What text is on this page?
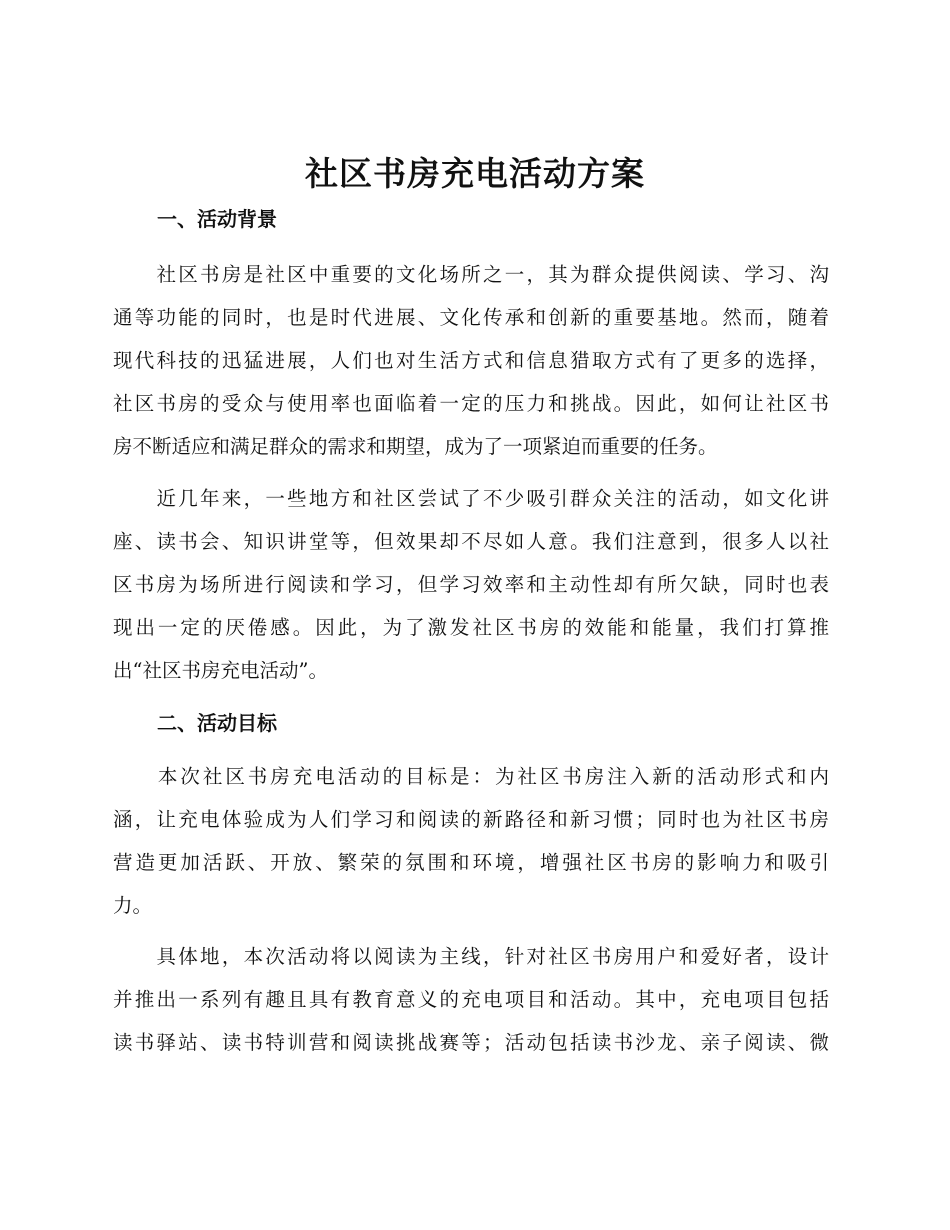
社区书房充电活动方案
一、活动背景

　　社区书房是社区中重要的文化场所之一，其为群众提供阅读、学习、沟
通等功能的同时，也是时代进展、文化传承和创新的重要基地。然而，随着
现代科技的迅猛进展，人们也对生活方式和信息猎取方式有了更多的选择，
社区书房的受众与使用率也面临着一定的压力和挑战。因此，如何让社区书
房不断适应和满足群众的需求和期望，成为了一项紧迫而重要的任务。

　　近几年来，一些地方和社区尝试了不少吸引群众关注的活动，如文化讲
座、读书会、知识讲堂等，但效果却不尽如人意。我们注意到，很多人以社
区书房为场所进行阅读和学习，但学习效率和主动性却有所欠缺，同时也表
现出一定的厌倦感。因此，为了激发社区书房的效能和能量，我们打算推
出“社区书房充电活动”。

二、活动目标

　　本次社区书房充电活动的目标是：为社区书房注入新的活动形式和内
涵，让充电体验成为人们学习和阅读的新路径和新习惯；同时也为社区书房
营造更加活跃、开放、繁荣的氛围和环境，增强社区书房的影响力和吸引
力。

　　具体地，本次活动将以阅读为主线，针对社区书房用户和爱好者，设计
并推出一系列有趣且具有教育意义的充电项目和活动。其中，充电项目包括
读书驿站、读书特训营和阅读挑战赛等；活动包括读书沙龙、亲子阅读、微
